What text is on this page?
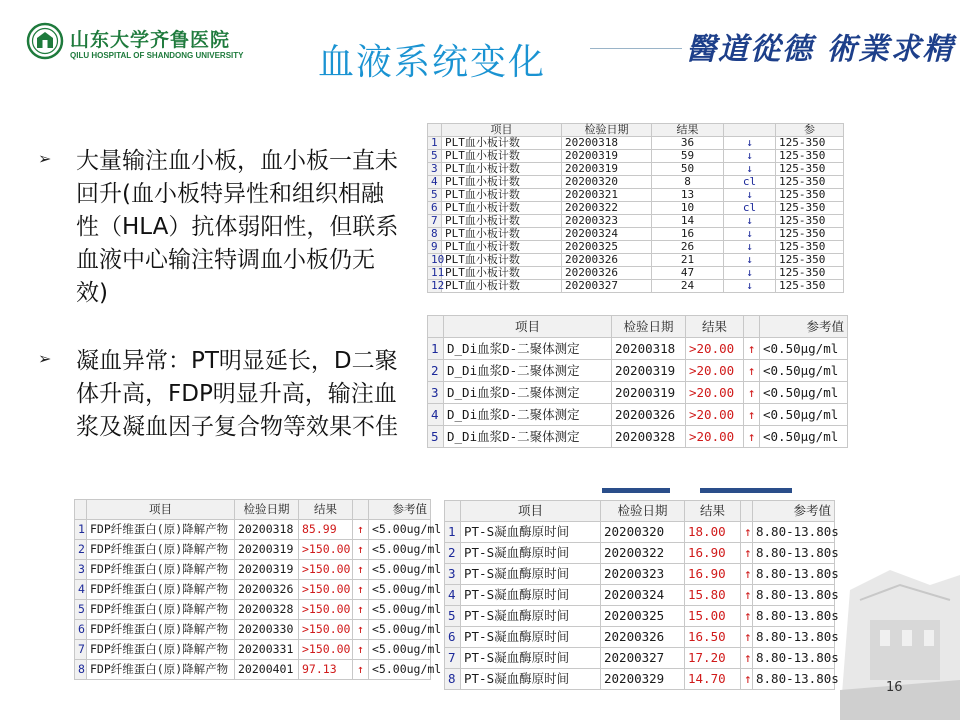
山东大学齐鲁医院
QILU HOSPITAL OF SHANDONG UNIVERSITY 血液系统变化	醫道從德 術業求精
➢ 大量输注血小板，血小板一直未回升(血小板特异性和组织相融性（HLA）抗体弱阳性，但联系血液中心输注特调血小板仍无效)
➢ 凝血异常：PT明显延长，D二聚体升高，FDP明显升高，输注血浆及凝血因子复合物等效果不佳
	项目	检验日期	结果		参
1	PLT血小板计数	20200318	36	↓	125-350
5	PLT血小板计数	20200319	59	↓	125-350
3	PLT血小板计数	20200319	50	↓	125-350
4	PLT血小板计数	20200320	8	cl	125-350
5	PLT血小板计数	20200321	13	↓	125-350
6	PLT血小板计数	20200322	10	cl	125-350
7	PLT血小板计数	20200323	14	↓	125-350
8	PLT血小板计数	20200324	16	↓	125-350
9	PLT血小板计数	20200325	26	↓	125-350
10	PLT血小板计数	20200326	21	↓	125-350
11	PLT血小板计数	20200326	47	↓	125-350
12	PLT血小板计数	20200327	24	↓	125-350
	项目	检验日期	结果		参考值
1	D_Di血浆D-二聚体测定	20200318	>20.00	↑	<0.50μg/ml
2	D_Di血浆D-二聚体测定	20200319	>20.00	↑	<0.50μg/ml
3	D_Di血浆D-二聚体测定	20200319	>20.00	↑	<0.50μg/ml
4	D_Di血浆D-二聚体测定	20200326	>20.00	↑	<0.50μg/ml
5	D_Di血浆D-二聚体测定	20200328	>20.00	↑	<0.50μg/ml
	项目	检验日期	结果		参考值
1	FDP纤维蛋白(原)降解产物	20200318	85.99	↑	<5.00ug/ml
2	FDP纤维蛋白(原)降解产物	20200319	>150.00	↑	<5.00ug/ml
3	FDP纤维蛋白(原)降解产物	20200319	>150.00	↑	<5.00ug/ml
4	FDP纤维蛋白(原)降解产物	20200326	>150.00	↑	<5.00ug/ml
5	FDP纤维蛋白(原)降解产物	20200328	>150.00	↑	<5.00ug/ml
6	FDP纤维蛋白(原)降解产物	20200330	>150.00	↑	<5.00ug/ml
7	FDP纤维蛋白(原)降解产物	20200331	>150.00	↑	<5.00ug/ml
8	FDP纤维蛋白(原)降解产物	20200401	97.13	↑	<5.00ug/ml
	项目	检验日期	结果		参考值
1	PT-S凝血酶原时间	20200320	18.00	↑	8.80-13.80s
2	PT-S凝血酶原时间	20200322	16.90	↑	8.80-13.80s
3	PT-S凝血酶原时间	20200323	16.90	↑	8.80-13.80s
4	PT-S凝血酶原时间	20200324	15.80	↑	8.80-13.80s
5	PT-S凝血酶原时间	20200325	15.00	↑	8.80-13.80s
6	PT-S凝血酶原时间	20200326	16.50	↑	8.80-13.80s
7	PT-S凝血酶原时间	20200327	17.20	↑	8.80-13.80s
8	PT-S凝血酶原时间	20200329	14.70	↑	8.80-13.80s
16
